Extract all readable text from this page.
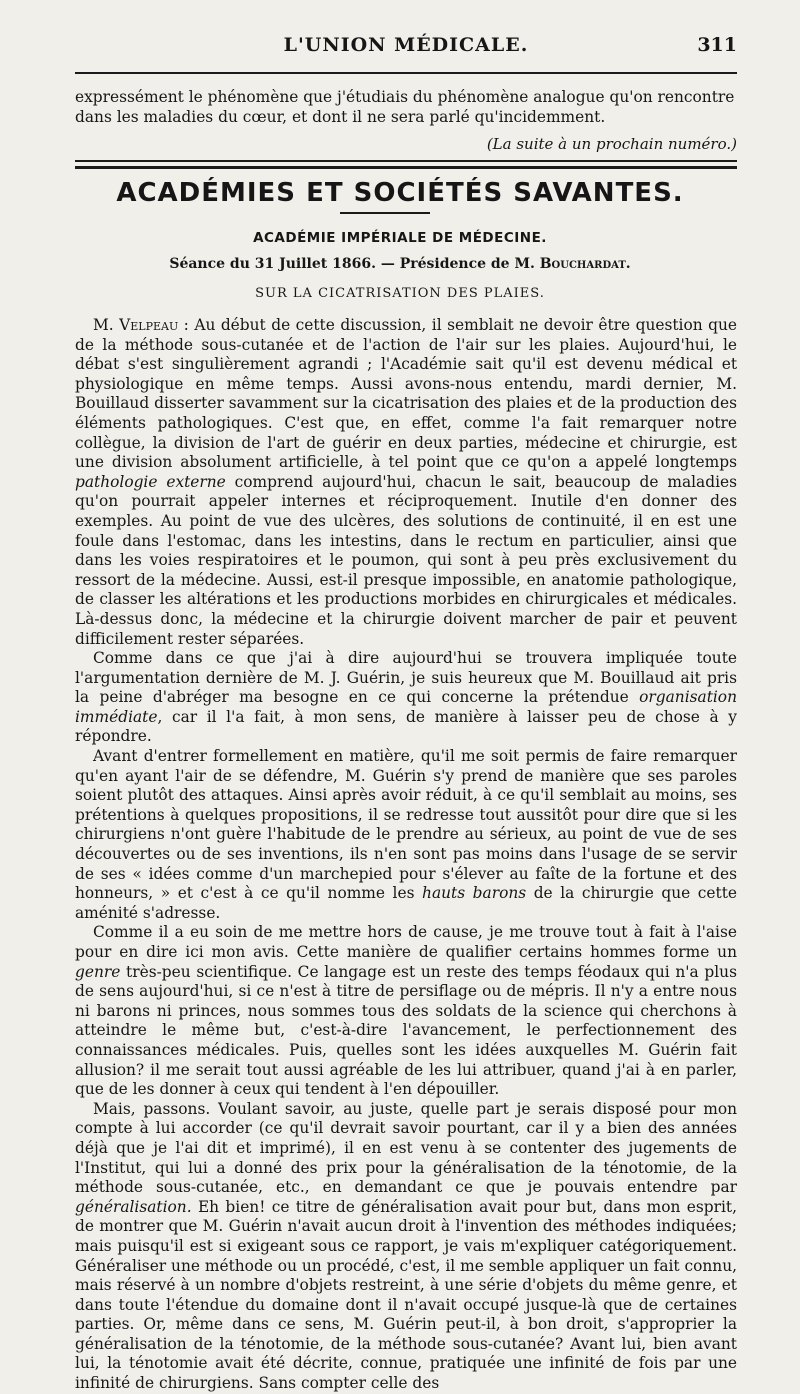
L'UNION MÉDICALE.	311

expressément le phénomène que j'étudiais du phénomène analogue qu'on rencontre

dans les maladies du cœur, et dont il ne sera parlé qu'incidemment.

(La suite à un prochain numéro.)
ACADÉMIES ET SOCIÉTÉS SAVANTES.
ACADÉMIE IMPÉRIALE DE MÉDECINE.
Séance du 31 Juillet 1866. — Présidence de M. Bouchardat.
SUR LA CICATRISATION DES PLAIES.

M. Velpeau : Au début de cette discussion, il semblait ne devoir être question que de la méthode sous-cutanée et de l'action de l'air sur les plaies. Aujourd'hui, le débat s'est singulièrement agrandi ; l'Académie sait qu'il est devenu médical et physiologique en même temps. Aussi avons-nous entendu, mardi dernier, M. Bouillaud disserter savamment sur la cicatrisation des plaies et de la production des éléments pathologiques. C'est que, en effet, comme l'a fait remarquer notre collègue, la division de l'art de guérir en deux parties, médecine et chirurgie, est une division absolument artificielle, à tel point que ce qu'on a appelé longtemps pathologie externe comprend aujourd'hui, chacun le sait, beaucoup de maladies qu'on pourrait appeler internes et réciproquement. Inutile d'en donner des exemples. Au point de vue des ulcères, des solutions de continuité, il en est une foule dans l'estomac, dans les intestins, dans le rectum en particulier, ainsi que dans les voies respiratoires et le poumon, qui sont à peu près exclusivement du ressort de la médecine. Aussi, est-il presque impossible, en anatomie pathologique, de classer les altérations et les productions morbides en chirurgicales et médicales. Là-dessus donc, la médecine et la chirurgie doivent marcher de pair et peuvent difficilement rester séparées.

Comme dans ce que j'ai à dire aujourd'hui se trouvera impliquée toute l'argumentation dernière de M. J. Guérin, je suis heureux que M. Bouillaud ait pris la peine d'abréger ma besogne en ce qui concerne la prétendue organisation immédiate, car il l'a fait, à mon sens, de manière à laisser peu de chose à y répondre.

Avant d'entrer formellement en matière, qu'il me soit permis de faire remarquer qu'en ayant l'air de se défendre, M. Guérin s'y prend de manière que ses paroles soient plutôt des attaques. Ainsi après avoir réduit, à ce qu'il semblait au moins, ses prétentions à quelques propositions, il se redresse tout aussitôt pour dire que si les chirurgiens n'ont guère l'habitude de le prendre au sérieux, au point de vue de ses découvertes ou de ses inventions, ils n'en sont pas moins dans l'usage de se servir de ses « idées comme d'un marchepied pour s'élever au faîte de la fortune et des honneurs, » et c'est à ce qu'il nomme les hauts barons de la chirurgie que cette aménité s'adresse.

Comme il a eu soin de me mettre hors de cause, je me trouve tout à fait à l'aise pour en dire ici mon avis. Cette manière de qualifier certains hommes forme un genre très-peu scientifique. Ce langage est un reste des temps féodaux qui n'a plus de sens aujourd'hui, si ce n'est à titre de persiflage ou de mépris. Il n'y a entre nous ni barons ni princes, nous sommes tous des soldats de la science qui cherchons à atteindre le même but, c'est-à-dire l'avancement, le perfectionnement des connaissances médicales. Puis, quelles sont les idées auxquelles M. Guérin fait allusion? il me serait tout aussi agréable de les lui attribuer, quand j'ai à en parler, que de les donner à ceux qui tendent à l'en dépouiller.

Mais, passons. Voulant savoir, au juste, quelle part je serais disposé pour mon compte à lui accorder (ce qu'il devrait savoir pourtant, car il y a bien des années déjà que je l'ai dit et imprimé), il en est venu à se contenter des jugements de l'Institut, qui lui a donné des prix pour la généralisation de la ténotomie, de la méthode sous-cutanée, etc., en demandant ce que je pouvais entendre par généralisation. Eh bien! ce titre de généralisation avait pour but, dans mon esprit, de montrer que M. Guérin n'avait aucun droit à l'invention des méthodes indiquées; mais puisqu'il est si exigeant sous ce rapport, je vais m'expliquer catégoriquement. Généraliser une méthode ou un procédé, c'est, il me semble appliquer un fait connu, mais réservé à un nombre d'objets restreint, à une série d'objets du même genre, et dans toute l'étendue du domaine dont il n'avait occupé jusque-là que de certaines parties. Or, même dans ce sens, M. Guérin peut-il, à bon droit, s'approprier la généralisation de la ténotomie, de la méthode sous-cutanée? Avant lui, bien avant lui, la ténotomie avait été décrite, connue, pratiquée une infinité de fois par une infinité de chirurgiens. Sans compter celle des
